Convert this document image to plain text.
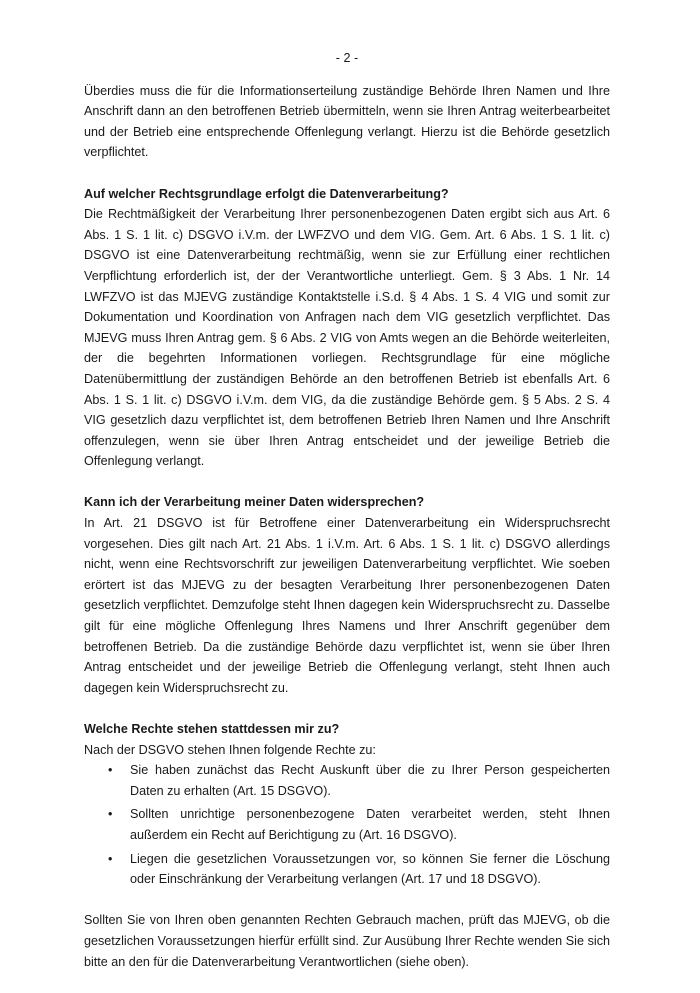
- 2 -

Überdies muss die für die Informationserteilung zuständige Behörde Ihren Namen und Ihre Anschrift dann an den betroffenen Betrieb übermitteln, wenn sie Ihren Antrag weiterbearbeitet und der Betrieb eine entsprechende Offenlegung verlangt. Hierzu ist die Behörde gesetzlich verpflichtet.

Auf welcher Rechtsgrundlage erfolgt die Datenverarbeitung?

Die Rechtmäßigkeit der Verarbeitung Ihrer personenbezogenen Daten ergibt sich aus Art. 6 Abs. 1 S. 1 lit. c) DSGVO i.V.m. der LWFZVO und dem VIG. Gem. Art. 6 Abs. 1 S. 1 lit. c) DSGVO ist eine Datenverarbeitung rechtmäßig, wenn sie zur Erfüllung einer rechtlichen Verpflichtung erforderlich ist, der der Verantwortliche unterliegt. Gem. § 3 Abs. 1 Nr. 14 LWFZVO ist das MJEVG zuständige Kontaktstelle i.S.d. § 4 Abs. 1 S. 4 VIG und somit zur Dokumentation und Koordination von Anfragen nach dem VIG gesetzlich verpflichtet. Das MJEVG muss Ihren Antrag gem. § 6 Abs. 2 VIG von Amts wegen an die Behörde weiterleiten, der die begehrten Informationen vorliegen. Rechtsgrundlage für eine mögliche Datenübermittlung der zuständigen Behörde an den betroffenen Betrieb ist ebenfalls Art. 6 Abs. 1 S. 1 lit. c) DSGVO i.V.m. dem VIG, da die zuständige Behörde gem. § 5 Abs. 2 S. 4 VIG gesetzlich dazu verpflichtet ist, dem betroffenen Betrieb Ihren Namen und Ihre Anschrift offenzulegen, wenn sie über Ihren Antrag entscheidet und der jeweilige Betrieb die Offenlegung verlangt.

Kann ich der Verarbeitung meiner Daten widersprechen?

In Art. 21 DSGVO ist für Betroffene einer Datenverarbeitung ein Widerspruchsrecht vorgesehen. Dies gilt nach Art. 21 Abs. 1 i.V.m. Art. 6 Abs. 1 S. 1 lit. c) DSGVO allerdings nicht, wenn eine Rechtsvorschrift zur jeweiligen Datenverarbeitung verpflichtet. Wie soeben erörtert ist das MJEVG zu der besagten Verarbeitung Ihrer personenbezogenen Daten gesetzlich verpflichtet. Demzufolge steht Ihnen dagegen kein Widerspruchsrecht zu. Dasselbe gilt für eine mögliche Offenlegung Ihres Namens und Ihrer Anschrift gegenüber dem betroffenen Betrieb. Da die zuständige Behörde dazu verpflichtet ist, wenn sie über Ihren Antrag entscheidet und der jeweilige Betrieb die Offenlegung verlangt, steht Ihnen auch dagegen kein Widerspruchsrecht zu.

Welche Rechte stehen stattdessen mir zu?

Nach der DSGVO stehen Ihnen folgende Rechte zu:

• Sie haben zunächst das Recht Auskunft über die zu Ihrer Person gespeicherten Daten zu erhalten (Art. 15 DSGVO).
• Sollten unrichtige personenbezogene Daten verarbeitet werden, steht Ihnen außerdem ein Recht auf Berichtigung zu (Art. 16 DSGVO).
• Liegen die gesetzlichen Voraussetzungen vor, so können Sie ferner die Löschung oder Einschränkung der Verarbeitung verlangen (Art. 17 und 18 DSGVO).

Sollten Sie von Ihren oben genannten Rechten Gebrauch machen, prüft das MJEVG, ob die gesetzlichen Voraussetzungen hierfür erfüllt sind. Zur Ausübung Ihrer Rechte wenden Sie sich bitte an den für die Datenverarbeitung Verantwortlichen (siehe oben).
